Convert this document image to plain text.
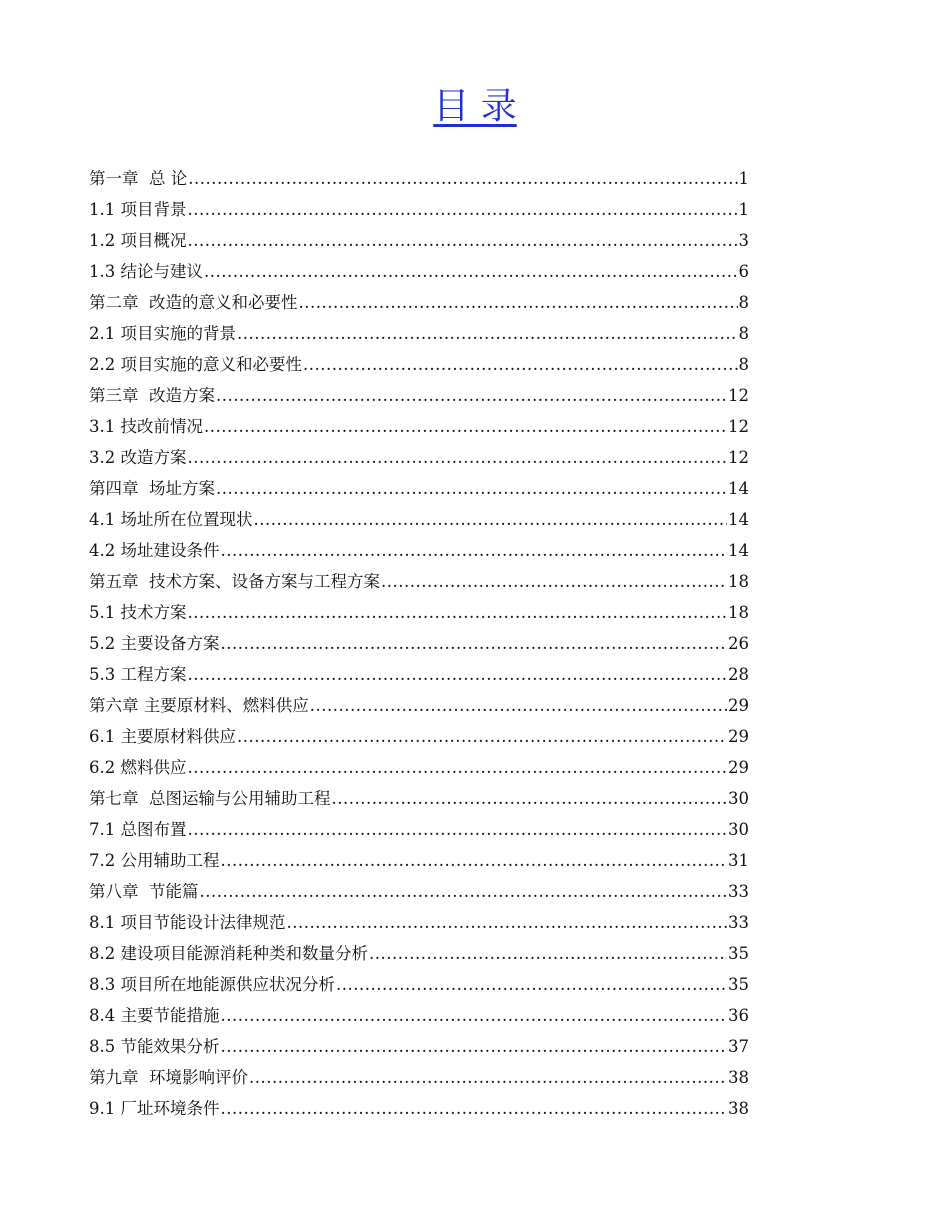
目 录
第一章  总 论 .....	1
1.1 项目背景 .....	1
1.2 项目概况 .....	3
1.3 结论与建议 .....	6
第二章  改造的意义和必要性 .....	8
2.1 项目实施的背景 .....	8
2.2 项目实施的意义和必要性 .....	8
第三章  改造方案 .....	12
3.1 技改前情况 .....	12
3.2 改造方案 .....	12
第四章  场址方案 .....	14
4.1 场址所在位置现状 .....	14
4.2 场址建设条件 .....	14
第五章  技术方案、设备方案与工程方案 .....	18
5.1 技术方案 .....	18
5.2 主要设备方案 .....	26
5.3 工程方案 .....	28
第六章 主要原材料、燃料供应 .....	29
6.1 主要原材料供应 .....	29
6.2 燃料供应 .....	29
第七章  总图运输与公用辅助工程 .....	30
7.1 总图布置 .....	30
7.2 公用辅助工程 .....	31
第八章  节能篇 .....	33
8.1 项目节能设计法律规范 .....	33
8.2 建设项目能源消耗种类和数量分析 .....	35
8.3 项目所在地能源供应状况分析 .....	35
8.4 主要节能措施 .....	36
8.5 节能效果分析 .....	37
第九章  环境影响评价 .....	38
9.1 厂址环境条件 .....	38
